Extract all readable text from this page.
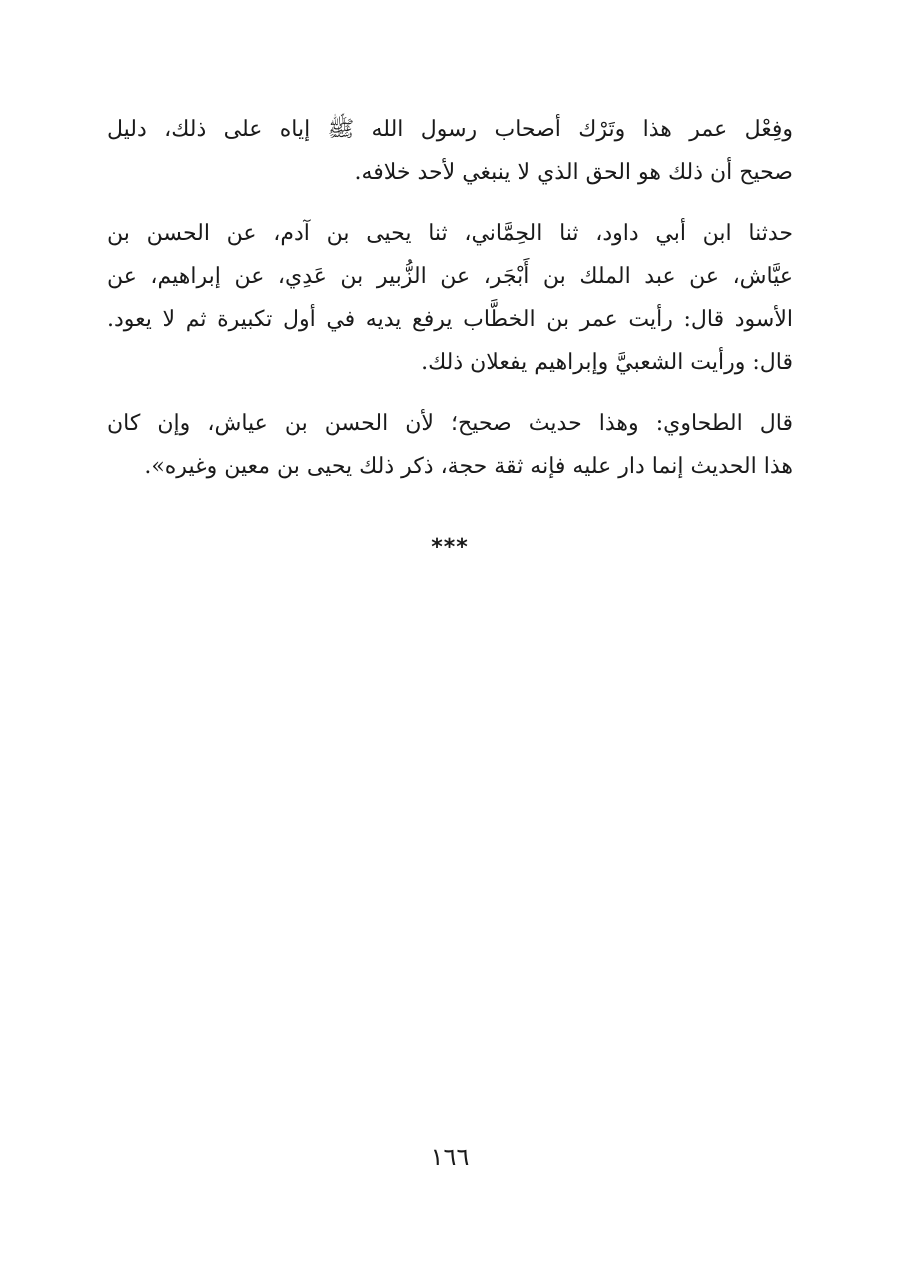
وفِعْل عمر هذا وتَرْك أصحاب رسول الله ﷺ إياه على ذلك، دليل
صحيح أن ذلك هو الحق الذي لا ينبغي لأحد خلافه.

حدثنا ابن أبي داود، ثنا الحِمَّاني، ثنا يحيى بن آدم، عن الحسن بن
عيَّاش، عن عبد الملك بن أَبْجَر، عن الزُّبير بن عَدِي، عن إبراهيم، عن
الأسود قال: رأيت عمر بن الخطَّاب يرفع يديه في أول تكبيرة ثم لا يعود.
قال: ورأيت الشعبيَّ وإبراهيم يفعلان ذلك.

قال الطحاوي: وهذا حديث صحيح؛ لأن الحسن بن عياش، وإن كان
هذا الحديث إنما دار عليه فإنه ثقة حجة، ذكر ذلك يحيى بن معين وغيره».

***
١٦٦
